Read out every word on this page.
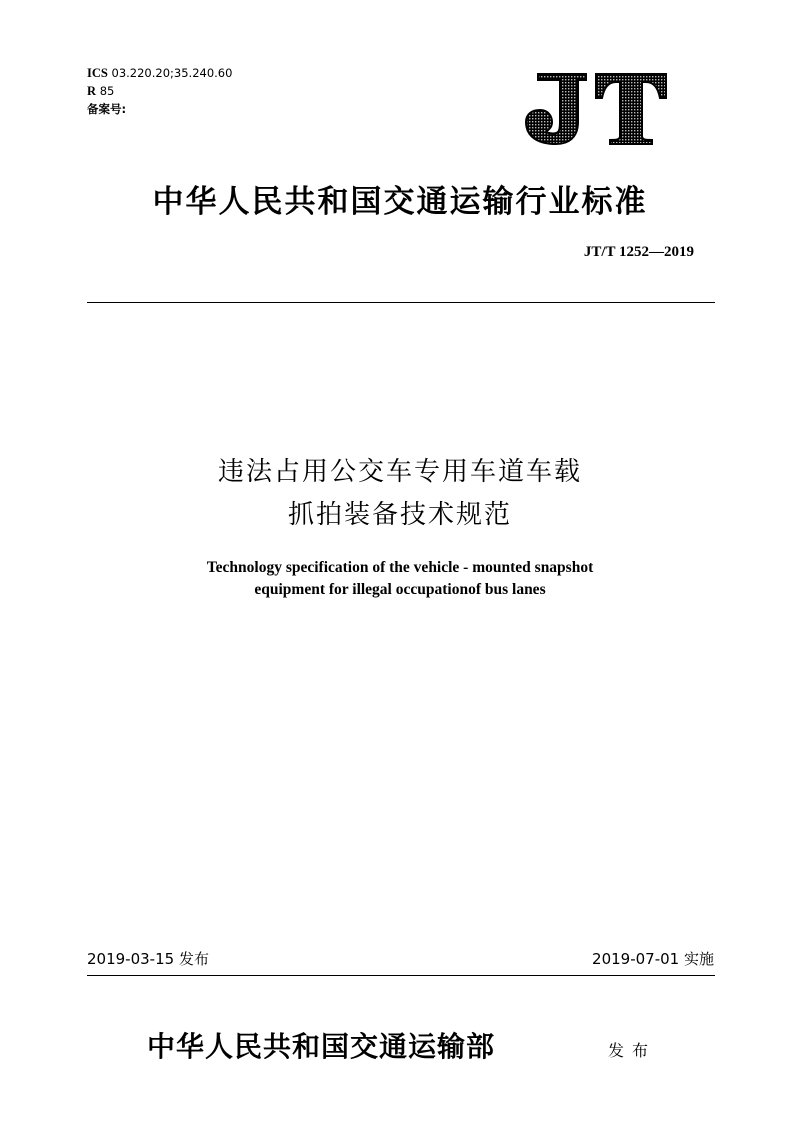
ICS 03.220.20;35.240.60
R 85
备案号:
JT
中华人民共和国交通运输行业标准
JT/T 1252—2019
违法占用公交车专用车道车载
抓拍装备技术规范
Technology specification of the vehicle - mounted snapshot
equipment for illegal occupationof bus lanes
2019-03-15 发布	2019-07-01 实施
中华人民共和国交通运输部	发布
